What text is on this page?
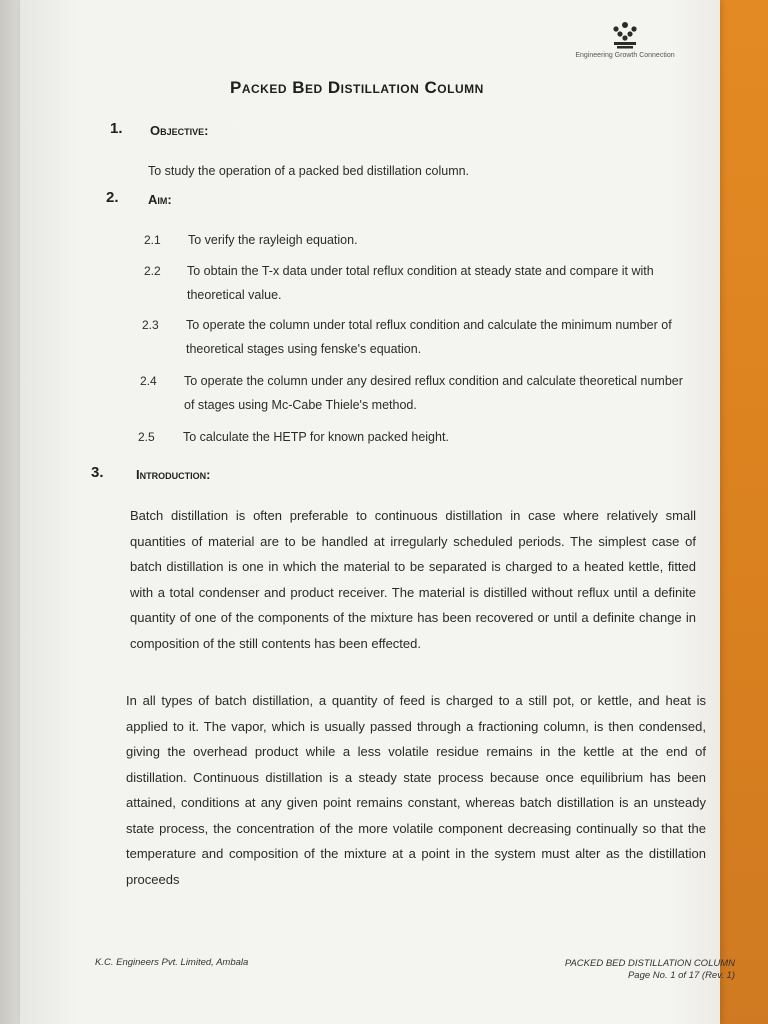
Engineering Growth Connection
Packed Bed Distillation Column
1. Objective:
To study the operation of a packed bed distillation column.
2. Aim:
2.1 To verify the rayleigh equation.
2.2 To obtain the T-x data under total reflux condition at steady state and compare it with theoretical value.
2.3 To operate the column under total reflux condition and calculate the minimum number of theoretical stages using fenske's equation.
2.4 To operate the column under any desired reflux condition and calculate theoretical number of stages using Mc-Cabe Thiele's method.
2.5 To calculate the HETP for known packed height.
3. Introduction:
Batch distillation is often preferable to continuous distillation in case where relatively small quantities of material are to be handled at irregularly scheduled periods. The simplest case of batch distillation is one in which the material to be separated is charged to a heated kettle, fitted with a total condenser and product receiver. The material is distilled without reflux until a definite quantity of one of the components of the mixture has been recovered or until a definite change in composition of the still contents has been effected.
In all types of batch distillation, a quantity of feed is charged to a still pot, or kettle, and heat is applied to it. The vapor, which is usually passed through a fractioning column, is then condensed, giving the overhead product while a less volatile residue remains in the kettle at the end of distillation. Continuous distillation is a steady state process because once equilibrium has been attained, conditions at any given point remains constant, whereas batch distillation is an unsteady state process, the concentration of the more volatile component decreasing continually so that the temperature and composition of the mixture at a point in the system must alter as the distillation proceeds
K.C. Engineers Pvt. Limited, Ambala	PACKED BED DISTILLATION COLUMN
Page No. 1 of 17 (Rev. 1)
